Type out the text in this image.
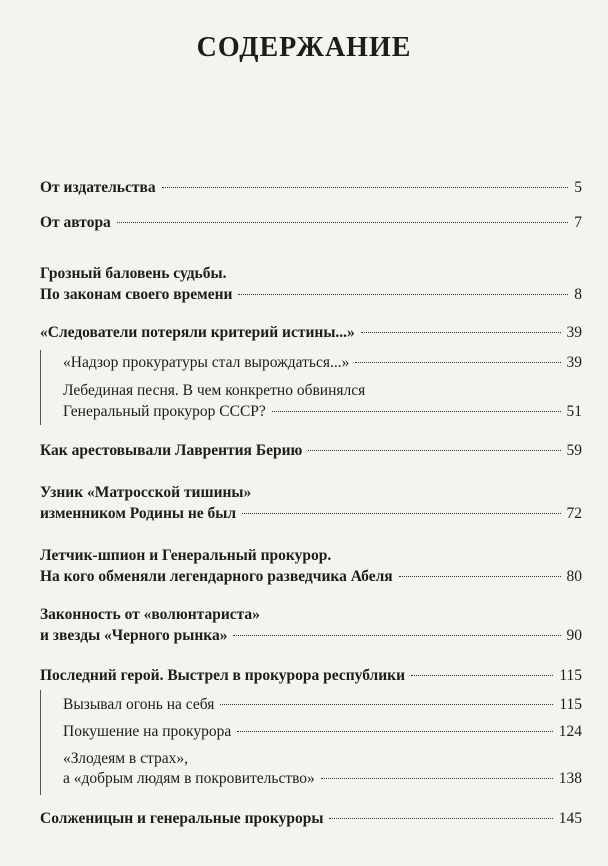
СОДЕРЖАНИЕ
От издательства	5
От автора	7
Грозный баловень судьбы.
По законам своего времени	8
«Следователи потеряли критерий истины...»	39
«Надзор прокуратуры стал вырождаться...»	39
Лебединая песня. В чем конкретно обвинялся
Генеральный прокурор СССР?	51
Как арестовывали Лаврентия Берию	59
Узник «Матросской тишины»
изменником Родины не был	72
Летчик-шпион и Генеральный прокурор.
На кого обменяли легендарного разведчика Абеля	80
Законность от «волюнтариста»
и звезды «Черного рынка»	90
Последний герой. Выстрел в прокурора республики	115
Вызывал огонь на себя	115
Покушение на прокурора	124
«Злодеям в страх»,
а «добрым людям в покровительство»	138
Солженицын и генеральные прокуроры	145
